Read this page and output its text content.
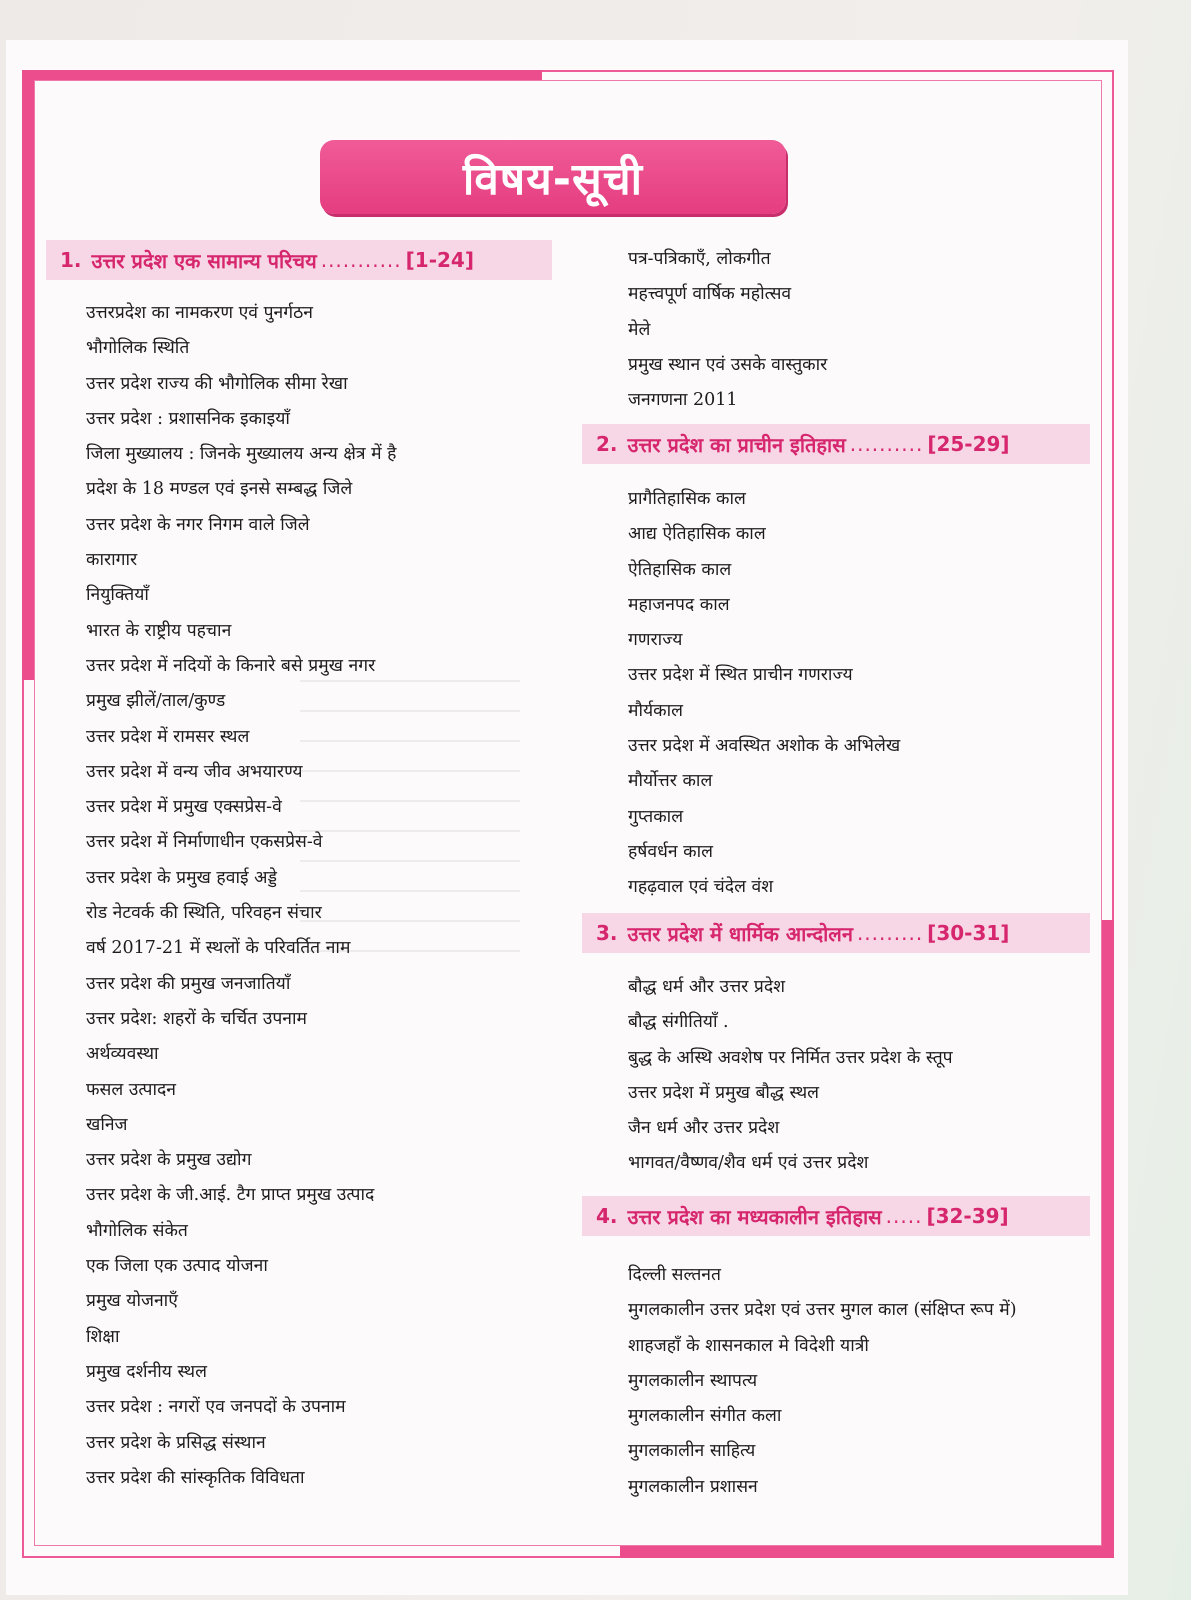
विषय-सूची
1. उत्तर प्रदेश एक सामान्य परिचय ........... [1-24]
उत्तरप्रदेश का नामकरण एवं पुनर्गठन
भौगोलिक स्थिति
उत्तर प्रदेश राज्य की भौगोलिक सीमा रेखा
उत्तर प्रदेश : प्रशासनिक इकाइयाँ
जिला मुख्यालय : जिनके मुख्यालय अन्य क्षेत्र में है
प्रदेश के 18 मण्डल एवं इनसे सम्बद्ध जिले
उत्तर प्रदेश के नगर निगम वाले जिले
कारागार
नियुक्तियाँ
भारत के राष्ट्रीय पहचान
उत्तर प्रदेश में नदियों के किनारे बसे प्रमुख नगर
प्रमुख झीलें/ताल/कुण्ड
उत्तर प्रदेश में रामसर स्थल
उत्तर प्रदेश में वन्य जीव अभयारण्य
उत्तर प्रदेश में प्रमुख एक्सप्रेस-वे
उत्तर प्रदेश में निर्माणाधीन एकसप्रेस-वे
उत्तर प्रदेश के प्रमुख हवाई अड्डे
रोड नेटवर्क की स्थिति, परिवहन संचार
वर्ष 2017-21 में स्थलों के परिवर्तित नाम
उत्तर प्रदेश की प्रमुख जनजातियाँ
उत्तर प्रदेश: शहरों के चर्चित उपनाम
अर्थव्यवस्था
फसल उत्पादन
खनिज
उत्तर प्रदेश के प्रमुख उद्योग
उत्तर प्रदेश के जी.आई. टैग प्राप्त प्रमुख उत्पाद
भौगोलिक संकेत
एक जिला एक उत्पाद योजना
प्रमुख योजनाएँ
शिक्षा
प्रमुख दर्शनीय स्थल
उत्तर प्रदेश : नगरों एव जनपदों के उपनाम
उत्तर प्रदेश के प्रसिद्ध संस्थान
उत्तर प्रदेश की सांस्कृतिक विविधता
पत्र-पत्रिकाएँ, लोकगीत
महत्त्वपूर्ण वार्षिक महोत्सव
मेले
प्रमुख स्थान एवं उसके वास्तुकार
जनगणना 2011
2. उत्तर प्रदेश का प्राचीन इतिहास .......... [25-29]
प्रागैतिहासिक काल
आद्य ऐतिहासिक काल
ऐतिहासिक काल
महाजनपद काल
गणराज्य
उत्तर प्रदेश में स्थित प्राचीन गणराज्य
मौर्यकाल
उत्तर प्रदेश में अवस्थित अशोक के अभिलेख
मौर्योत्तर काल
गुप्तकाल
हर्षवर्धन काल
गहढ़वाल एवं चंदेल वंश
3. उत्तर प्रदेश में धार्मिक आन्दोलन ......... [30-31]
बौद्ध धर्म और उत्तर प्रदेश
बौद्ध संगीतियाँ .
बुद्ध के अस्थि अवशेष पर निर्मित उत्तर प्रदेश के स्तूप
उत्तर प्रदेश में प्रमुख बौद्ध स्थल
जैन धर्म और उत्तर प्रदेश
भागवत/वैष्णव/शैव धर्म एवं उत्तर प्रदेश
4. उत्तर प्रदेश का मध्यकालीन इतिहास ..... [32-39]
दिल्ली सल्तनत
मुगलकालीन उत्तर प्रदेश एवं उत्तर मुगल काल (संक्षिप्त रूप में)
शाहजहाँ के शासनकाल मे विदेशी यात्री
मुगलकालीन स्थापत्य
मुगलकालीन संगीत कला
मुगलकालीन साहित्य
मुगलकालीन प्रशासन
